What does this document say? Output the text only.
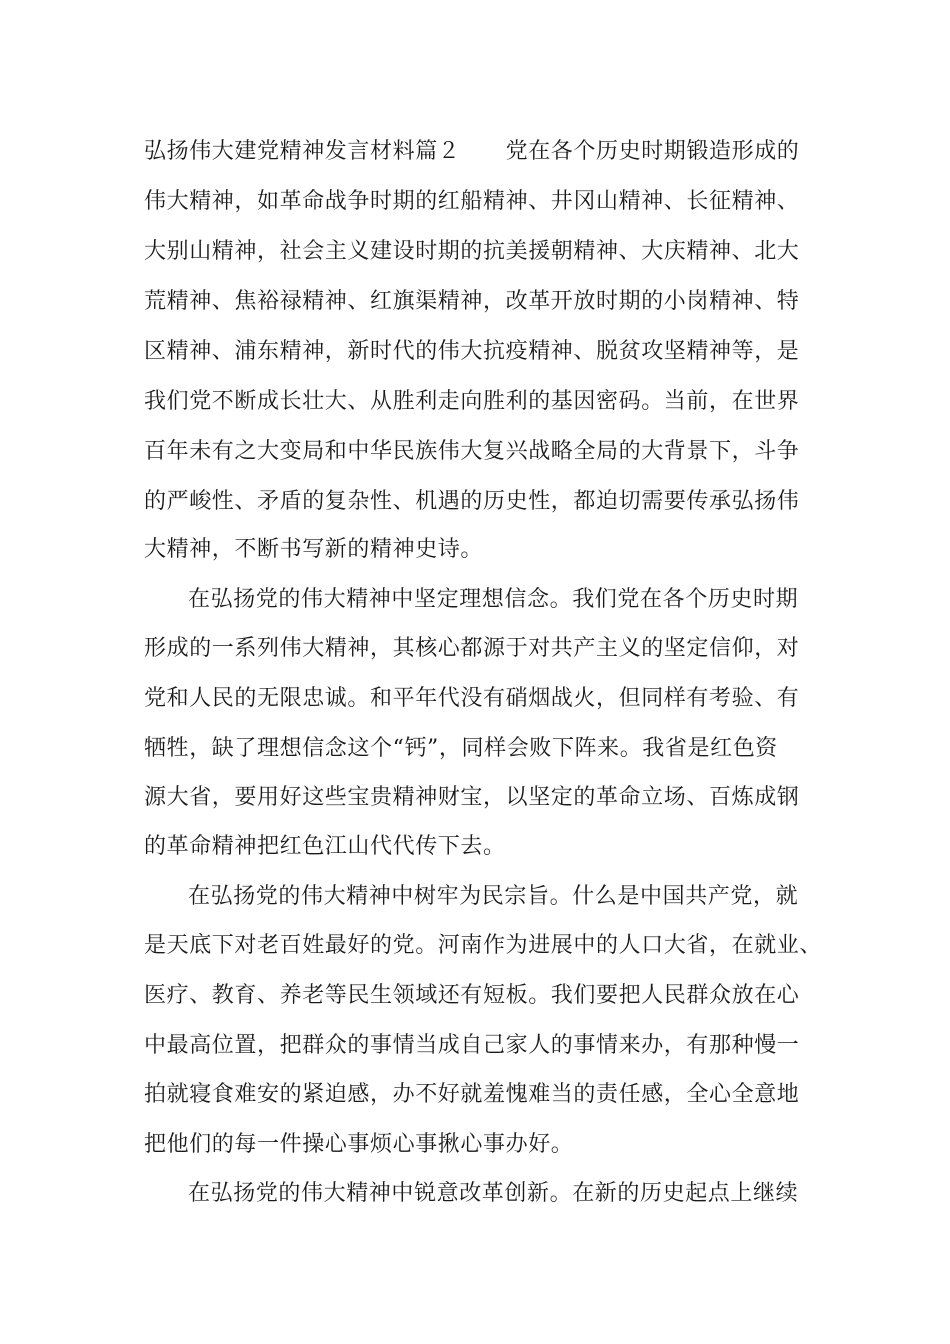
弘扬伟大建党精神发言材料篇２　　党在各个历史时期锻造形成的

伟大精神，如革命战争时期的红船精神、井冈山精神、长征精神、

大别山精神，社会主义建设时期的抗美援朝精神、大庆精神、北大

荒精神、焦裕禄精神、红旗渠精神，改革开放时期的小岗精神、特

区精神、浦东精神，新时代的伟大抗疫精神、脱贫攻坚精神等，是

我们党不断成长壮大、从胜利走向胜利的基因密码。当前，在世界

百年未有之大变局和中华民族伟大复兴战略全局的大背景下，斗争

的严峻性、矛盾的复杂性、机遇的历史性，都迫切需要传承弘扬伟

大精神，不断书写新的精神史诗。

在弘扬党的伟大精神中坚定理想信念。我们党在各个历史时期

形成的一系列伟大精神，其核心都源于对共产主义的坚定信仰，对

党和人民的无限忠诚。和平年代没有硝烟战火，但同样有考验、有

牺牲，缺了理想信念这个“钙”，同样会败下阵来。我省是红色资

源大省，要用好这些宝贵精神财宝，以坚定的革命立场、百炼成钢

的革命精神把红色江山代代传下去。

在弘扬党的伟大精神中树牢为民宗旨。什么是中国共产党，就

是天底下对老百姓最好的党。河南作为进展中的人口大省，在就业、

医疗、教育、养老等民生领域还有短板。我们要把人民群众放在心

中最高位置，把群众的事情当成自己家人的事情来办，有那种慢一

拍就寝食难安的紧迫感，办不好就羞愧难当的责任感，全心全意地

把他们的每一件操心事烦心事揪心事办好。

在弘扬党的伟大精神中锐意改革创新。在新的历史起点上继续
